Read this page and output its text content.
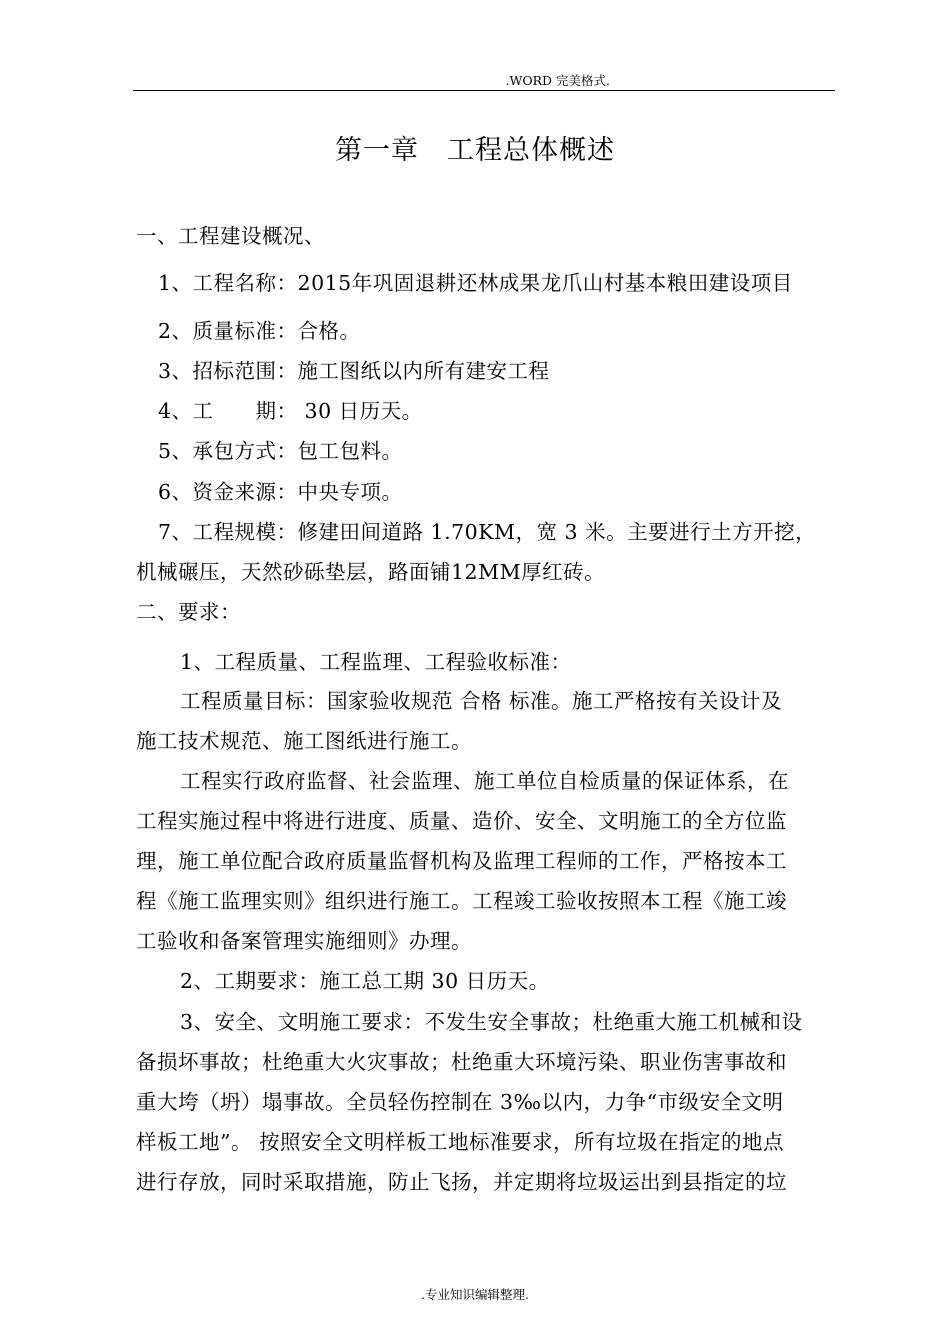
.WORD 完美格式.
第一章　工程总体概述
一、工程建设概况、
1、工程名称：2015年巩固退耕还林成果龙爪山村基本粮田建设项目
2、质量标准：合格。
3、招标范围：施工图纸以内所有建安工程
4、工　　期： 30 日历天。
5、承包方式：包工包料。
6、资金来源：中央专项。
7、工程规模：修建田间道路 1.70KM，宽 3 米。主要进行土方开挖，
机械碾压，天然砂砾垫层，路面铺12MM厚红砖。
二、要求：
1、工程质量、工程监理、工程验收标准：
工程质量目标：国家验收规范 合格 标准。施工严格按有关设计及
施工技术规范、施工图纸进行施工。
工程实行政府监督、社会监理、施工单位自检质量的保证体系，在
工程实施过程中将进行进度、质量、造价、安全、文明施工的全方位监
理，施工单位配合政府质量监督机构及监理工程师的工作，严格按本工
程《施工监理实则》组织进行施工。工程竣工验收按照本工程《施工竣
工验收和备案管理实施细则》办理。
2、工期要求：施工总工期 30 日历天。
3、安全、文明施工要求：不发生安全事故；杜绝重大施工机械和设
备损坏事故；杜绝重大火灾事故；杜绝重大环境污染、职业伤害事故和
重大垮（坍）塌事故。全员轻伤控制在 3‰以内，力争“市级安全文明
样板工地”。 按照安全文明样板工地标准要求，所有垃圾在指定的地点
进行存放，同时采取措施，防止飞扬，并定期将垃圾运出到县指定的垃
.专业知识编辑整理.
